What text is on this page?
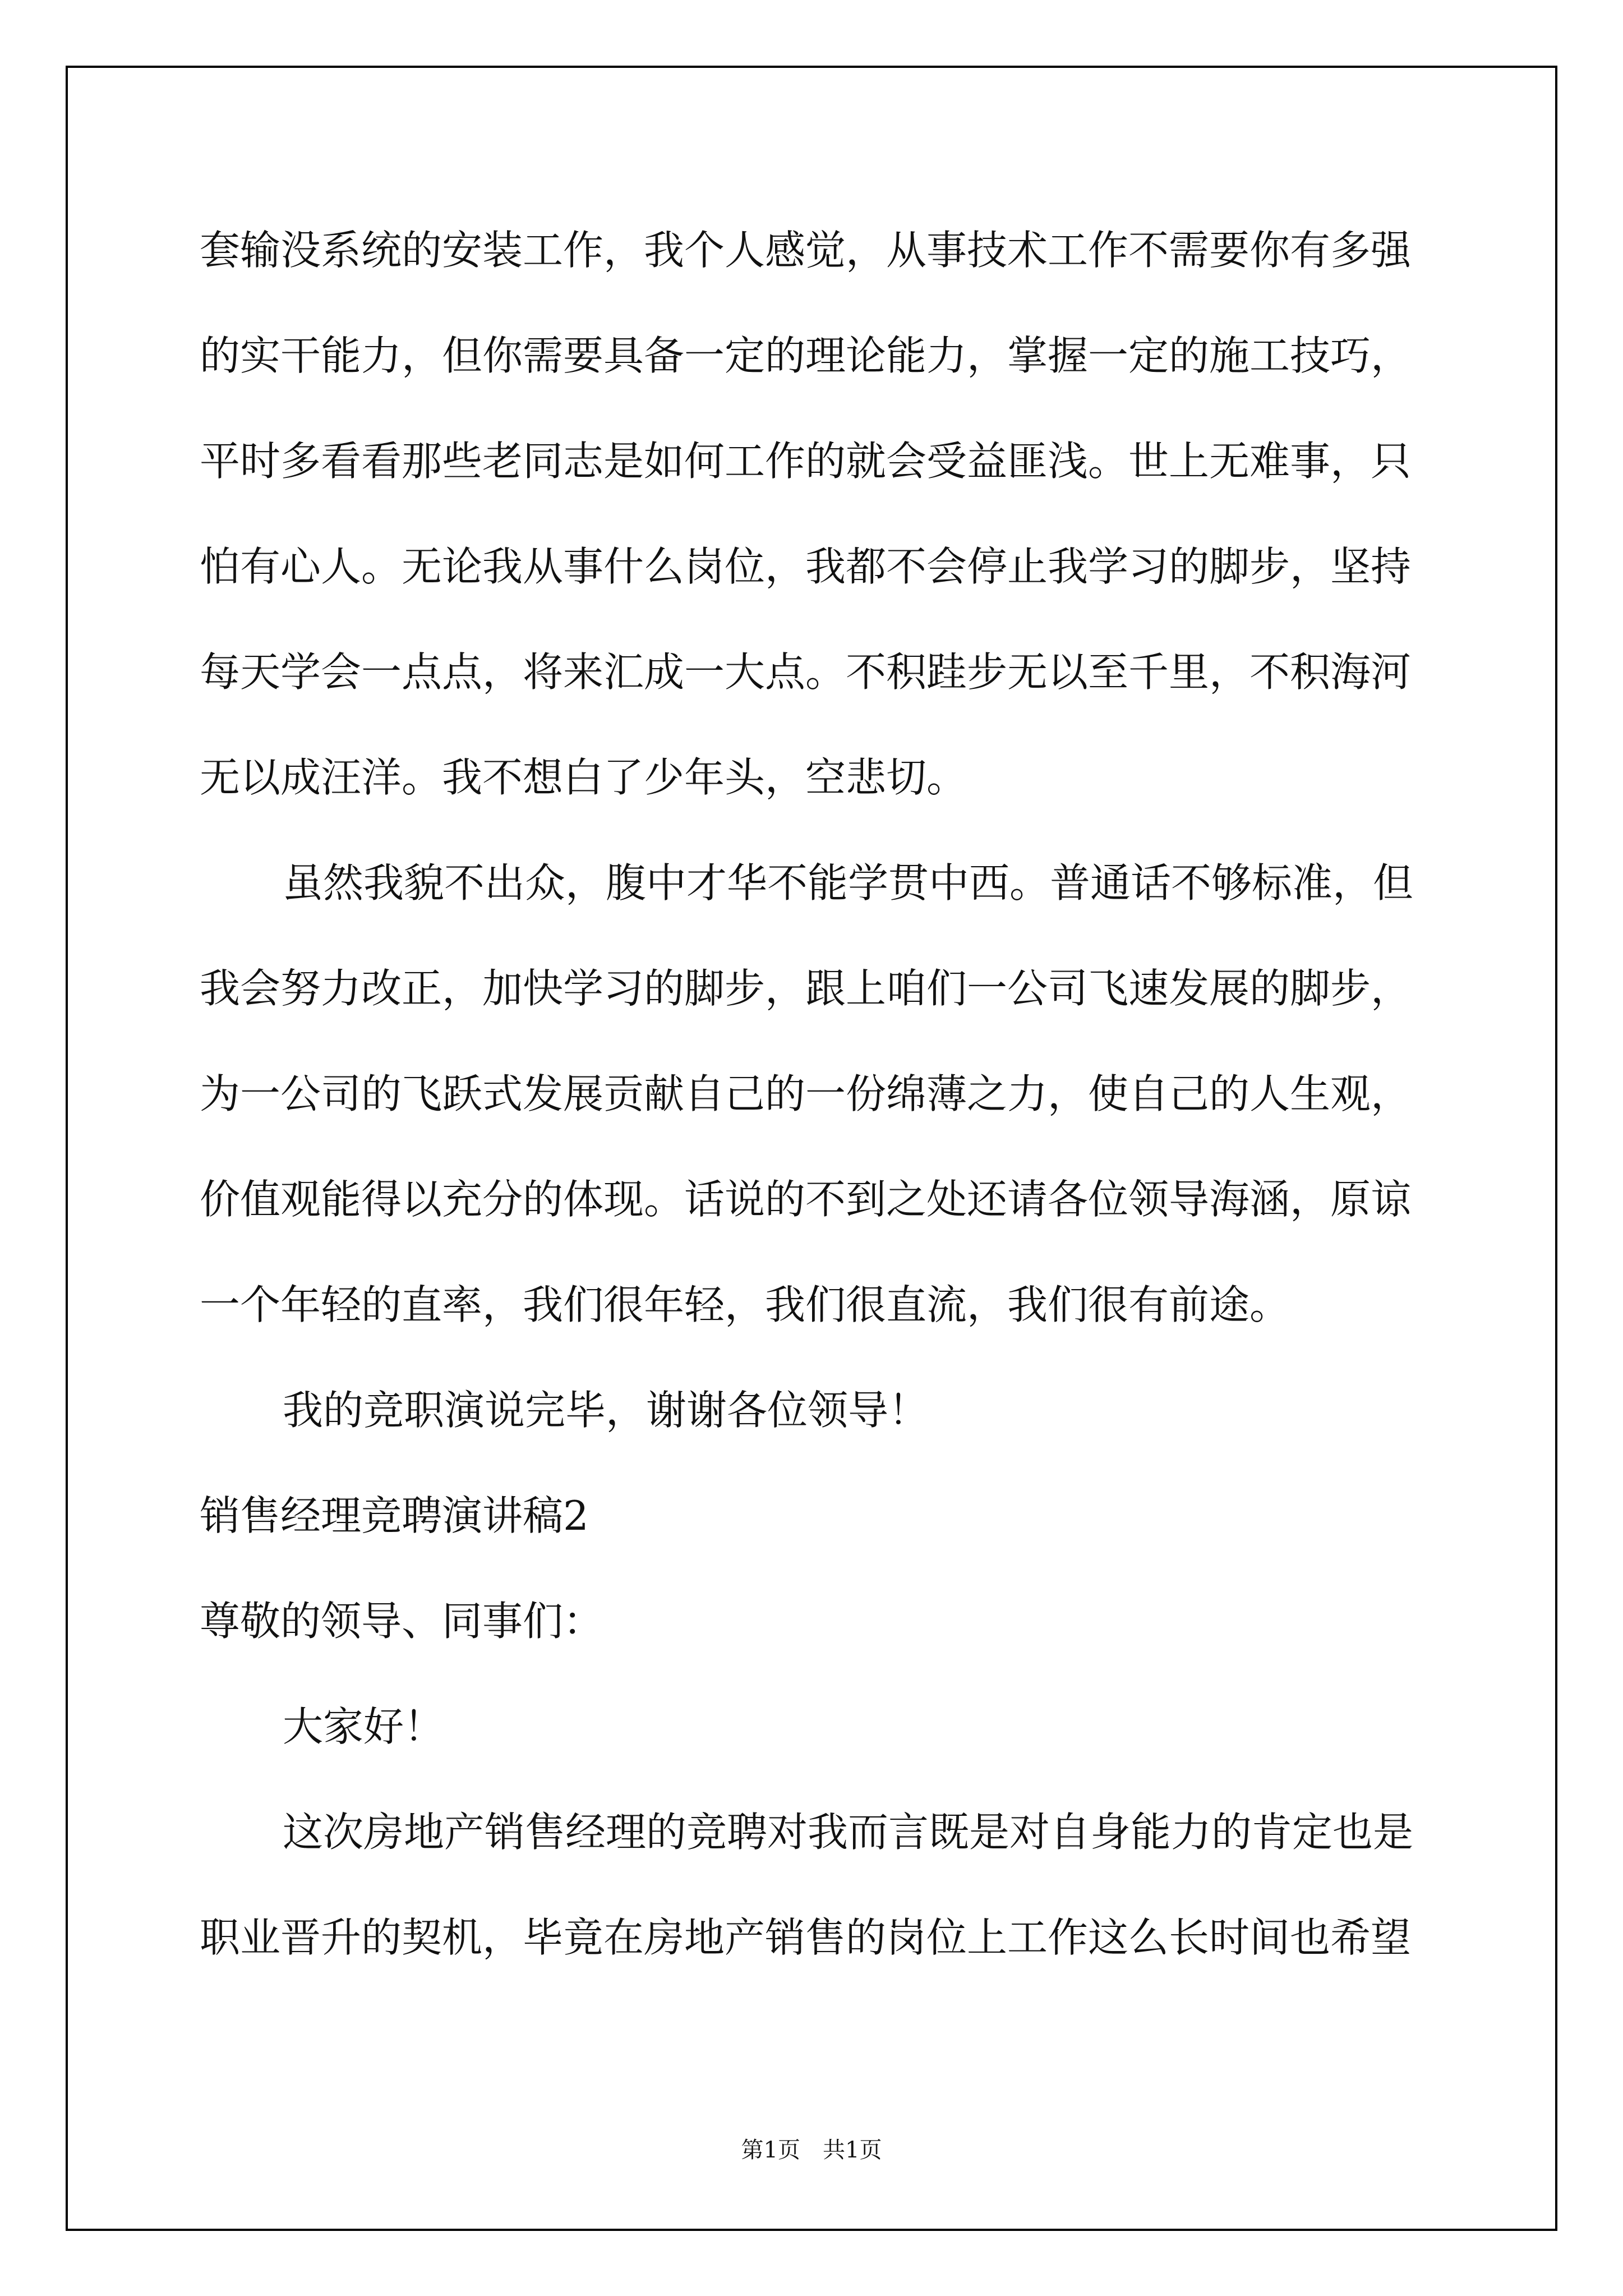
套输没系统的安装工作，我个人感觉，从事技术工作不需要你有多强
的实干能力，但你需要具备一定的理论能力，掌握一定的施工技巧，
平时多看看那些老同志是如何工作的就会受益匪浅。世上无难事，只
怕有心人。无论我从事什么岗位，我都不会停止我学习的脚步，坚持
每天学会一点点，将来汇成一大点。不积跬步无以至千里，不积海河
无以成汪洋。我不想白了少年头，空悲切。
虽然我貌不出众，腹中才华不能学贯中西。普通话不够标准，但
我会努力改正，加快学习的脚步，跟上咱们一公司飞速发展的脚步，
为一公司的飞跃式发展贡献自己的一份绵薄之力，使自己的人生观，
价值观能得以充分的体现。话说的不到之处还请各位领导海涵，原谅
一个年轻的直率，我们很年轻，我们很直流，我们很有前途。
我的竞职演说完毕，谢谢各位领导！
销售经理竞聘演讲稿2
尊敬的领导、同事们：
大家好！
这次房地产销售经理的竞聘对我而言既是对自身能力的肯定也是
职业晋升的契机，毕竟在房地产销售的岗位上工作这么长时间也希望
第1页 共1页
